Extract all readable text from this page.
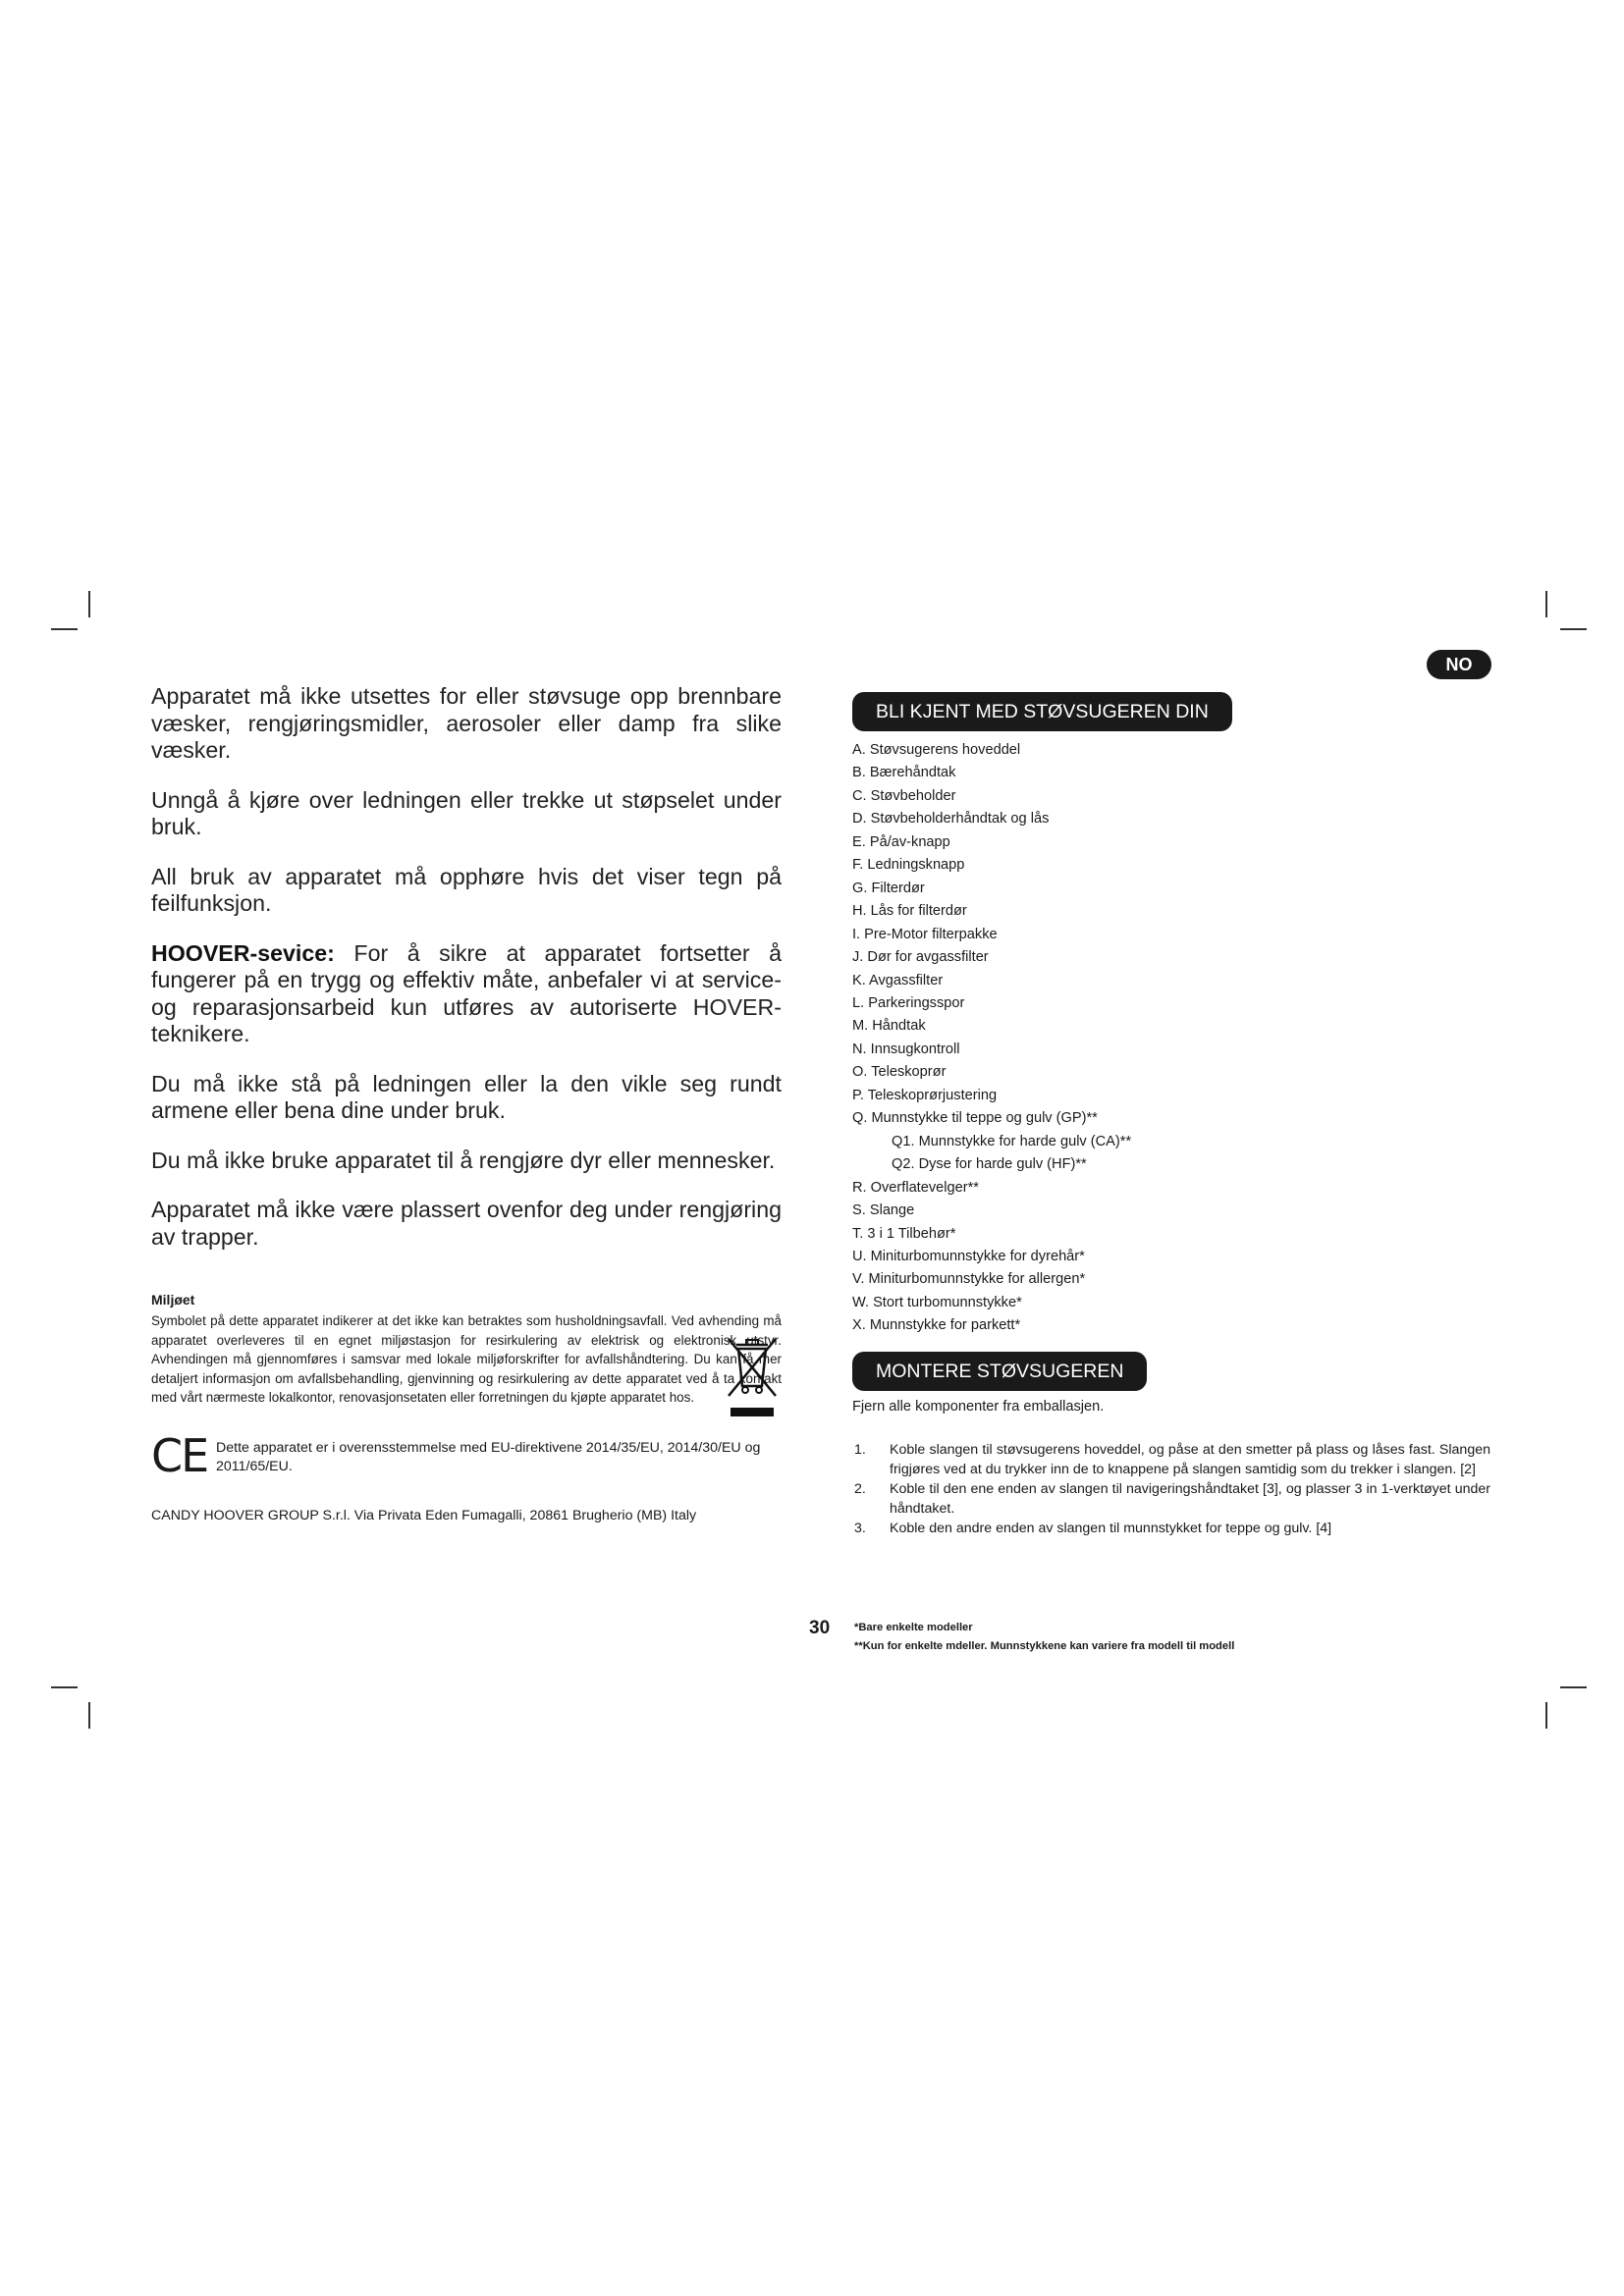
NO

Apparatet må ikke utsettes for eller støvsuge opp brennbare væsker, rengjøringsmidler, aerosoler eller damp fra slike væsker.

Unngå å kjøre over ledningen eller trekke ut støpselet under bruk.

All bruk av apparatet må opphøre hvis det viser tegn på feilfunksjon.

HOOVER-sevice: For å sikre at apparatet fortsetter å fungerer på en trygg og effektiv måte, anbefaler vi at service- og reparasjonsarbeid kun utføres av autoriserte HOVER-teknikere.

Du må ikke stå på ledningen eller la den vikle seg rundt armene eller bena dine under bruk.

Du må ikke bruke apparatet til å rengjøre dyr eller mennesker.

Apparatet må ikke være plassert ovenfor deg under rengjøring av trapper.

Miljøet

Symbolet på dette apparatet indikerer at det ikke kan betraktes som husholdningsavfall. Ved avhending må apparatet overleveres til en egnet miljøstasjon for resirkulering av elektrisk og elektronisk utstyr. Avhendingen må gjennomføres i samsvar med lokale miljøforskrifter for avfallshåndtering. Du kan få mer detaljert informasjon om avfallsbehandling, gjenvinning og resirkulering av dette apparatet ved å ta kontakt med vårt nærmeste lokalkontor, renovasjonsetaten eller forretningen du kjøpte apparatet hos.

CE Dette apparatet er i overensstemmelse med EU-direktivene 2014/35/EU, 2014/30/EU og 2011/65/EU.

CANDY HOOVER GROUP S.r.l. Via Privata Eden Fumagalli, 20861 Brugherio (MB) Italy
BLI KJENT MED STØVSUGEREN DIN
A. Støvsugerens hoveddel
B. Bærehåndtak
C. Støvbeholder
D. Støvbeholderhåndtak og lås
E. På/av-knapp
F. Ledningsknapp
G. Filterdør
H. Lås for filterdør
I. Pre-Motor filterpakke
J. Dør for avgassfilter
K. Avgassfilter
L. Parkeringsspor
M. Håndtak
N. Innsugkontroll
O. Teleskoprør
P. Teleskoprørjustering
Q. Munnstykke til teppe og gulv (GP)**
Q1. Munnstykke for harde gulv (CA)**
Q2. Dyse for harde gulv (HF)**
R. Overflatevelger**
S. Slange
T. 3 i 1 Tilbehør*
U. Miniturbomunnstykke for dyrehår*
V. Miniturbomunnstykke for allergen*
W. Stort turbomunnstykke*
X. Munnstykke for parkett*
MONTERE STØVSUGEREN

Fjern alle komponenter fra emballasjen.

1. Koble slangen til støvsugerens hoveddel, og påse at den smetter på plass og låses fast. Slangen frigjøres ved at du trykker inn de to knappene på slangen samtidig som du trekker i slangen. [2]
2. Koble til den ene enden av slangen til navigeringshåndtaket [3], og plasser 3 in 1-verktøyet under håndtaket.
3. Koble den andre enden av slangen til munnstykket for teppe og gulv. [4]
30 *Bare enkelte modeller
**Kun for enkelte mdeller. Munnstykkene kan variere fra modell til modell
